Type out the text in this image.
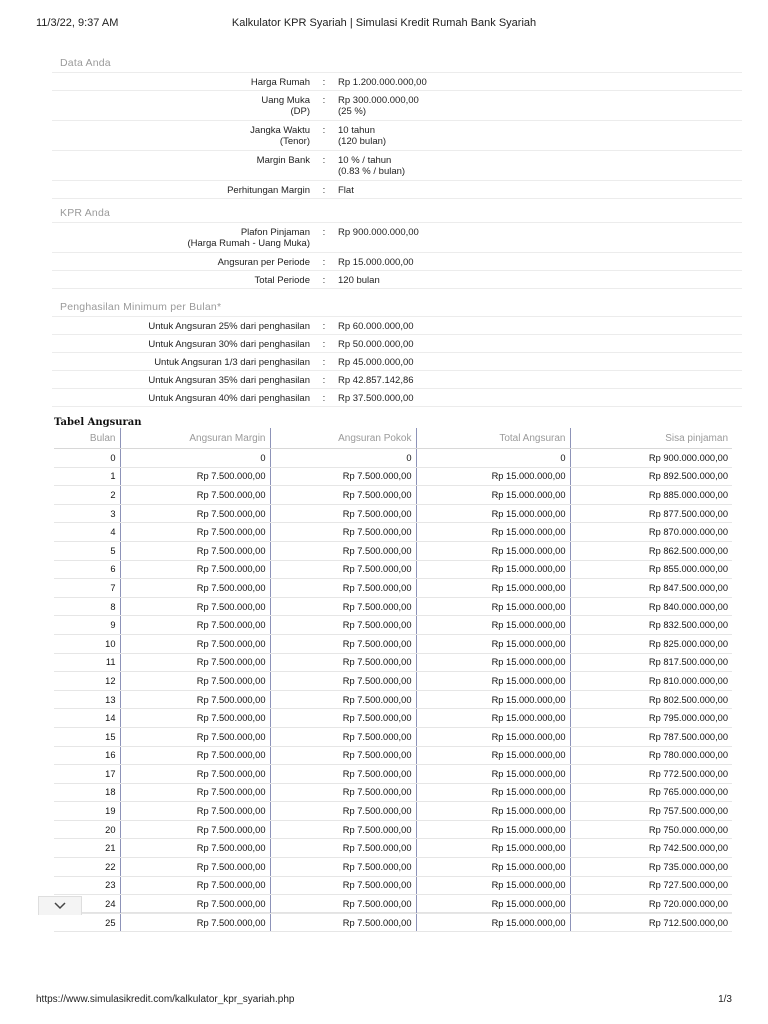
11/3/22, 9:37 AM	Kalkulator KPR Syariah | Simulasi Kredit Rumah Bank Syariah
Data Anda
Harga Rumah	:	Rp 1.200.000.000,00
Uang Muka
(DP)
:	Rp 300.000.000,00
(25 %)
Jangka Waktu
(Tenor)
:	10 tahun
(120 bulan)
Margin Bank	:	10 % / tahun
(0.83 % / bulan)
Perhitungan Margin	:	Flat
KPR Anda
Plafon Pinjaman
(Harga Rumah - Uang Muka)
:	Rp 900.000.000,00
Angsuran per Periode	:	Rp 15.000.000,00
Total Periode	:	120 bulan
Penghasilan Minimum per Bulan*
Untuk Angsuran 25% dari penghasilan	:	Rp 60.000.000,00
Untuk Angsuran 30% dari penghasilan	:	Rp 50.000.000,00
Untuk Angsuran 1/3 dari penghasilan	:	Rp 45.000.000,00
Untuk Angsuran 35% dari penghasilan	:	Rp 42.857.142,86
Untuk Angsuran 40% dari penghasilan	:	Rp 37.500.000,00
Tabel Angsuran
Bulan	Angsuran Margin	Angsuran Pokok	Total Angsuran	Sisa pinjaman
0	0	0	0	Rp 900.000.000,00
1	Rp 7.500.000,00	Rp 7.500.000,00	Rp 15.000.000,00	Rp 892.500.000,00
2	Rp 7.500.000,00	Rp 7.500.000,00	Rp 15.000.000,00	Rp 885.000.000,00
3	Rp 7.500.000,00	Rp 7.500.000,00	Rp 15.000.000,00	Rp 877.500.000,00
4	Rp 7.500.000,00	Rp 7.500.000,00	Rp 15.000.000,00	Rp 870.000.000,00
5	Rp 7.500.000,00	Rp 7.500.000,00	Rp 15.000.000,00	Rp 862.500.000,00
6	Rp 7.500.000,00	Rp 7.500.000,00	Rp 15.000.000,00	Rp 855.000.000,00
7	Rp 7.500.000,00	Rp 7.500.000,00	Rp 15.000.000,00	Rp 847.500.000,00
8	Rp 7.500.000,00	Rp 7.500.000,00	Rp 15.000.000,00	Rp 840.000.000,00
9	Rp 7.500.000,00	Rp 7.500.000,00	Rp 15.000.000,00	Rp 832.500.000,00
10	Rp 7.500.000,00	Rp 7.500.000,00	Rp 15.000.000,00	Rp 825.000.000,00
11	Rp 7.500.000,00	Rp 7.500.000,00	Rp 15.000.000,00	Rp 817.500.000,00
12	Rp 7.500.000,00	Rp 7.500.000,00	Rp 15.000.000,00	Rp 810.000.000,00
13	Rp 7.500.000,00	Rp 7.500.000,00	Rp 15.000.000,00	Rp 802.500.000,00
14	Rp 7.500.000,00	Rp 7.500.000,00	Rp 15.000.000,00	Rp 795.000.000,00
15	Rp 7.500.000,00	Rp 7.500.000,00	Rp 15.000.000,00	Rp 787.500.000,00
16	Rp 7.500.000,00	Rp 7.500.000,00	Rp 15.000.000,00	Rp 780.000.000,00
17	Rp 7.500.000,00	Rp 7.500.000,00	Rp 15.000.000,00	Rp 772.500.000,00
18	Rp 7.500.000,00	Rp 7.500.000,00	Rp 15.000.000,00	Rp 765.000.000,00
19	Rp 7.500.000,00	Rp 7.500.000,00	Rp 15.000.000,00	Rp 757.500.000,00
20	Rp 7.500.000,00	Rp 7.500.000,00	Rp 15.000.000,00	Rp 750.000.000,00
21	Rp 7.500.000,00	Rp 7.500.000,00	Rp 15.000.000,00	Rp 742.500.000,00
22	Rp 7.500.000,00	Rp 7.500.000,00	Rp 15.000.000,00	Rp 735.000.000,00
23	Rp 7.500.000,00	Rp 7.500.000,00	Rp 15.000.000,00	Rp 727.500.000,00
24	Rp 7.500.000,00	Rp 7.500.000,00	Rp 15.000.000,00	Rp 720.000.000,00
25	Rp 7.500.000,00	Rp 7.500.000,00	Rp 15.000.000,00	Rp 712.500.000,00
https://www.simulasikredit.com/kalkulator_kpr_syariah.php	1/3
